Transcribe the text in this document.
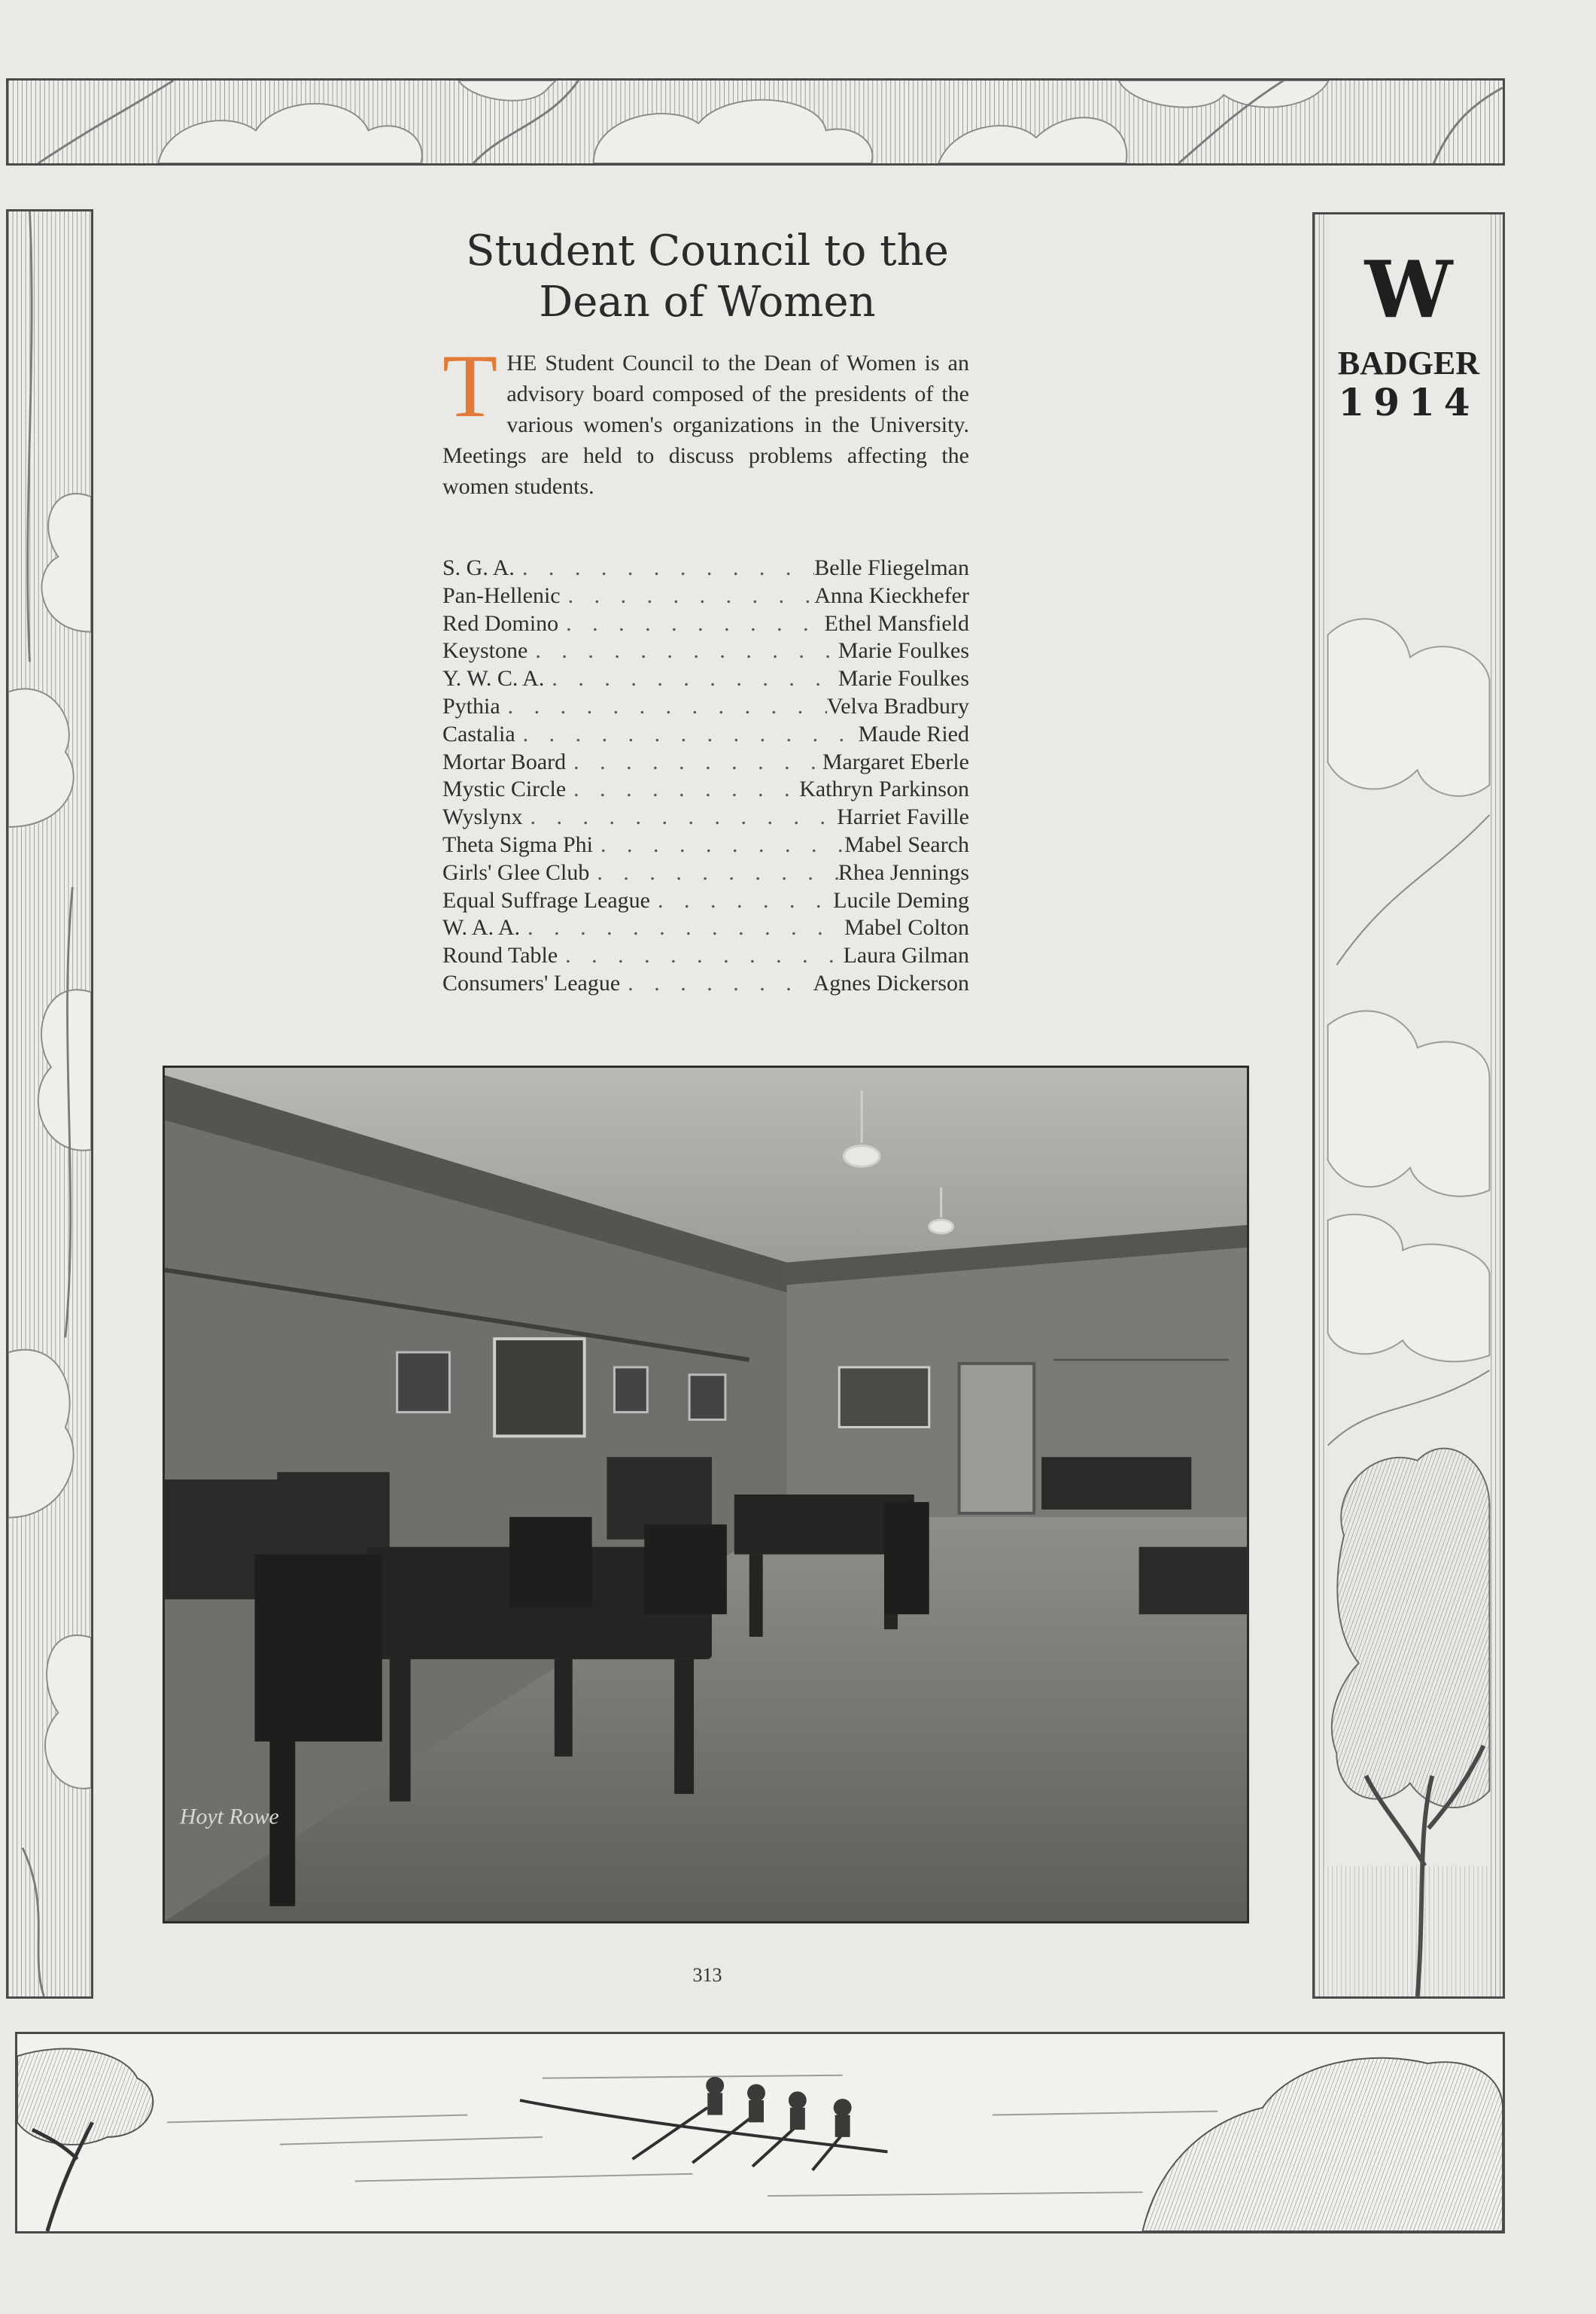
W
BADGER
1914
Student Council to the
Dean of Women
THE Student Council to the Dean of Women is an advisory board composed of the presidents of the various women's organizations in the University. Meetings are held to discuss problems affecting the women students.
S. G. A. . . .	Belle Fliegelman
Pan-Hellenic . . .	Anna Kieckhefer
Red Domino . . .	Ethel Mansfield
Keystone . . .	Marie Foulkes
Y. W. C. A. . . .	Marie Foulkes
Pythia . . .	Velva Bradbury
Castalia . . .	Maude Ried
Mortar Board . . .	Margaret Eberle
Mystic Circle . . .	Kathryn Parkinson
Wyslynx . . .	Harriet Faville
Theta Sigma Phi . . .	Mabel Search
Girls' Glee Club . . .	Rhea Jennings
Equal Suffrage League . . .	Lucile Deming
W. A. A. . . .	Mabel Colton
Round Table . . .	Laura Gilman
Consumers' League . . .	Agnes Dickerson
Hoyt Rowe
313
